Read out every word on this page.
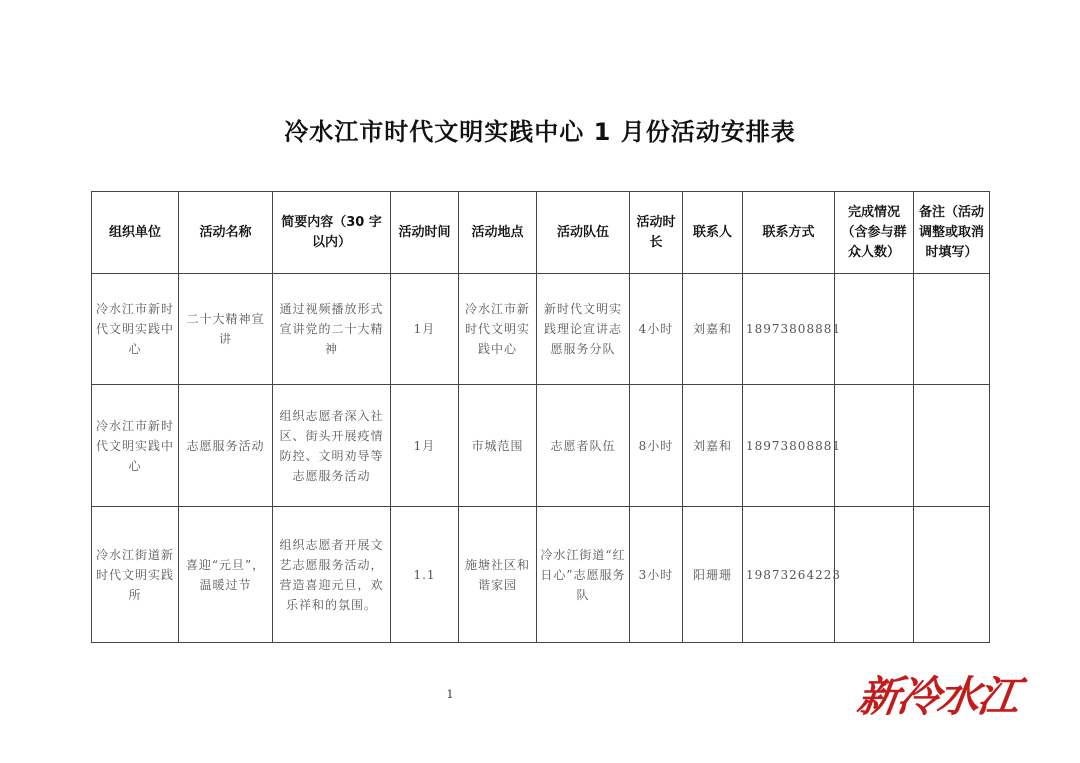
冷水江市时代文明实践中心 1 月份活动安排表
组织单位	活动名称	简要内容（30 字以内）	活动时间	活动地点	活动队伍	活动时长	联系人	联系方式	完成情况（含参与群众人数）	备注（活动调整或取消时填写）
冷水江市新时代文明实践中心	二十大精神宣讲	通过视频播放形式宣讲党的二十大精神	1月	冷水江市新时代文明实践中心	新时代文明实践理论宣讲志愿服务分队	4小时	刘嘉和	18973808881		
冷水江市新时代文明实践中心	志愿服务活动	组织志愿者深入社区、街头开展疫情防控、文明劝导等志愿服务活动	1月	市城范围	志愿者队伍	8小时	刘嘉和	18973808881		
冷水江街道新时代文明实践所	喜迎“元旦”，温暖过节	组织志愿者开展文艺志愿服务活动，营造喜迎元旦，欢乐祥和的氛围。	1.1	施塘社区和谐家园	冷水江街道“红日心”志愿服务队	3小时	阳珊珊	19873264223		
1	新冷水江
